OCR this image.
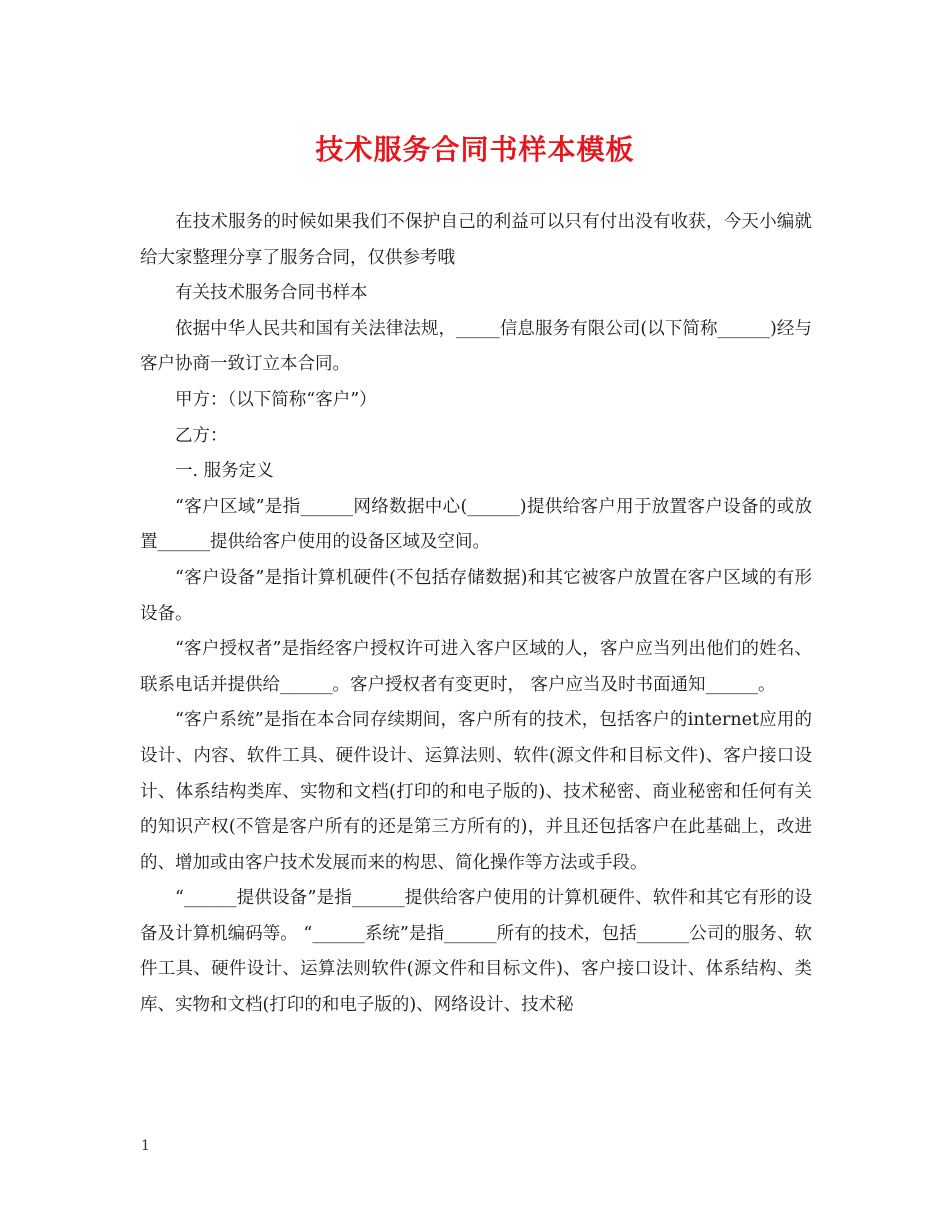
技术服务合同书样本模板

在技术服务的时候如果我们不保护自己的利益可以只有付出没有收获，今天小编就给大家整理分享了服务合同，仅供参考哦

有关技术服务合同书样本

依据中华人民共和国有关法律法规，_____信息服务有限公司(以下简称______)经与客户协商一致订立本合同。

甲方：（以下简称“客户”）

乙方：

一. 服务定义

“客户区域”是指______网络数据中心(______)提供给客户用于放置客户设备的或放置______提供给客户使用的设备区域及空间。

“客户设备”是指计算机硬件(不包括存储数据)和其它被客户放置在客户区域的有形设备。

“客户授权者”是指经客户授权许可进入客户区域的人，客户应当列出他们的姓名、联系电话并提供给______。客户授权者有变更时， 客户应当及时书面通知______。

“客户系统”是指在本合同存续期间，客户所有的技术，包括客户的internet应用的设计、内容、软件工具、硬件设计、运算法则、软件(源文件和目标文件)、客户接口设计、体系结构类库、实物和文档(打印的和电子版的)、技术秘密、商业秘密和任何有关的知识产权(不管是客户所有的还是第三方所有的)，并且还包括客户在此基础上，改进的、增加或由客户技术发展而来的构思、简化操作等方法或手段。

“______提供设备”是指______提供给客户使用的计算机硬件、软件和其它有形的设备及计算机编码等。 “______系统”是指______所有的技术，包括______公司的服务、软件工具、硬件设计、运算法则软件(源文件和目标文件)、客户接口设计、体系结构、类库、实物和文档(打印的和电子版的)、网络设计、技术秘

1
